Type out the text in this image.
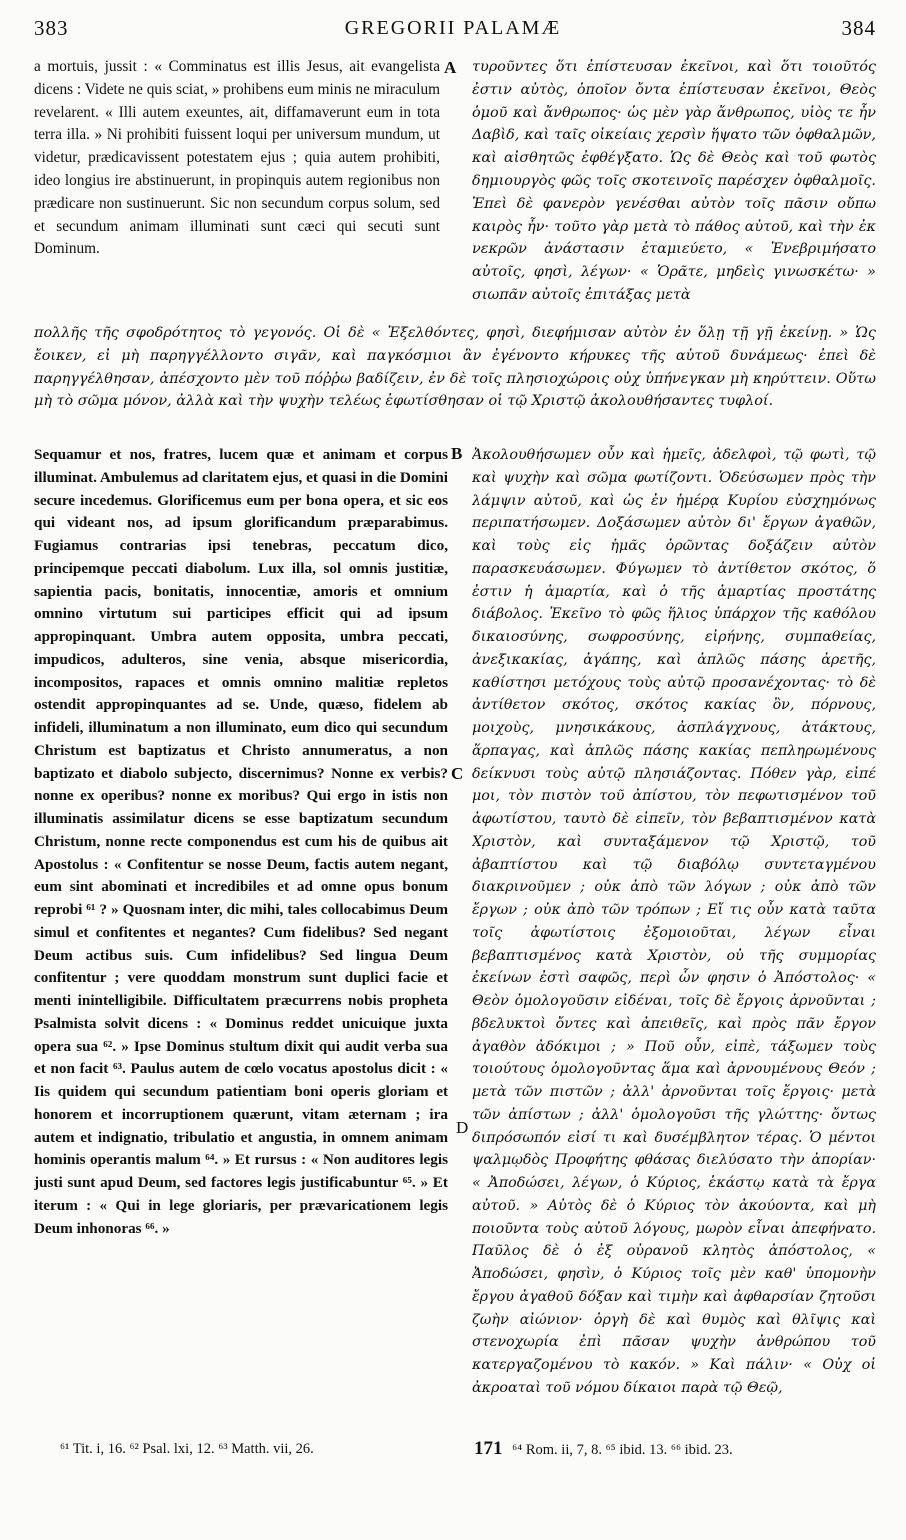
GREGORII PALAMÆ
383	384
A
B
C
D

a mortuis, jussit : « Comminatus est illis Jesus, ait evangelista dicens : Videte ne quis sciat, » prohibens eum minis ne miraculum revelarent. « Illi autem exeuntes, ait, diffamaverunt eum in tota terra illa. » Ni prohibiti fuissent loqui per universum mundum, ut videtur, prædicavissent potestatem ejus ; quia autem prohibiti, ideo longius ire abstinuerunt, in propinquis autem regionibus non prædicare non sustinuerunt. Sic non secundum corpus solum, sed et secundum animam illuminati sunt cæci qui secuti sunt Dominum.

τυροῦντες ὅτι ἐπίστευσαν ἐκεῖνοι, καὶ ὅτι τοιοῦτός ἐστιν αὐτὸς, ὁποῖον ὄντα ἐπίστευσαν ἐκεῖνοι, Θεὸς ὁμοῦ καὶ ἄνθρωπος· ὡς μὲν γὰρ ἄνθρωπος, υἱὸς τε ἦν Δαβὶδ, καὶ ταῖς οἰκείαις χερσὶν ἥψατο τῶν ὀφθαλμῶν, καὶ αἰσθητῶς ἐφθέγξατο. Ὡς δὲ Θεὸς καὶ τοῦ φωτὸς δημιουργὸς φῶς τοῖς σκοτεινοῖς παρέσχεν ὀφθαλμοῖς. Ἐπεὶ δὲ φανερὸν γενέσθαι αὐτὸν τοῖς πᾶσιν οὔπω καιρὸς ἦν· τοῦτο γὰρ μετὰ τὸ πάθος αὐτοῦ, καὶ τὴν ἐκ νεκρῶν ἀνάστασιν ἐταμιεύετο, « Ἐνεβριμήσατο αὐτοῖς, φησὶ, λέγων· « Ὁρᾶτε, μηδεὶς γινωσκέτω· » σιωπᾶν αὐτοῖς ἐπιτάξας μετὰ

πολλῆς τῆς σφοδρότητος τὸ γεγονός. Οἱ δὲ « Ἐξελθόντες, φησὶ, διεφήμισαν αὐτὸν ἐν ὅλῃ τῇ γῇ ἐκείνῃ. » Ὡς ἔοικεν, εἰ μὴ παρηγγέλλοντο σιγᾶν, καὶ παγκόσμιοι ἂν ἐγένοντο κήρυκες τῆς αὐτοῦ δυνάμεως· ἐπεὶ δὲ παρηγγέλθησαν, ἀπέσχοντο μὲν τοῦ πόῤῥω βαδίζειν, ἐν δὲ τοῖς πλησιοχώροις οὐχ ὑπήνεγκαν μὴ κηρύττειν. Οὕτω μὴ τὸ σῶμα μόνον, ἀλλὰ καὶ τὴν ψυχὴν τελέως ἐφωτίσθησαν οἱ τῷ Χριστῷ ἀκολουθήσαντες τυφλοί.

Sequamur et nos, fratres, lucem quæ et animam et corpus illuminat. Ambulemus ad claritatem ejus, et quasi in die Domini secure incedemus. Glorificemus eum per bona opera, et sic eos qui videant nos, ad ipsum glorificandum præparabimus. Fugiamus contrarias ipsi tenebras, peccatum dico, principemque peccati diabolum. Lux illa, sol omnis justitiæ, sapientia pacis, bonitatis, innocentiæ, amoris et omnium omnino virtutum sui participes efficit qui ad ipsum appropinquant. Umbra autem opposita, umbra peccati, impudicos, adulteros, sine venia, absque misericordia, incompositos, rapaces et omnis omnino malitiæ repletos ostendit appropinquantes ad se. Unde, quæso, fidelem ab infideli, illuminatum a non illuminato, eum dico qui secundum Christum est baptizatus et Christo annumeratus, a non baptizato et diabolo subjecto, discernimus? Nonne ex verbis? nonne ex operibus? nonne ex moribus? Qui ergo in istis non illuminatis assimilatur dicens se esse baptizatum secundum Christum, nonne recte componendus est cum his de quibus ait Apostolus : « Confitentur se nosse Deum, factis autem negant, eum sint abominati et incredibiles et ad omne opus bonum reprobi ⁶¹ ? » Quosnam inter, dic mihi, tales collocabimus Deum simul et confitentes et negantes? Cum fidelibus? Sed negant Deum actibus suis. Cum infidelibus? Sed lingua Deum confitentur ; vere quoddam monstrum sunt duplici facie et menti inintelligibile. Difficultatem præcurrens nobis propheta Psalmista solvit dicens : « Dominus reddet unicuique juxta opera sua ⁶². » Ipse Dominus stultum dixit qui audit verba sua et non facit ⁶³. Paulus autem de cœlo vocatus apostolus dicit : « Iis quidem qui secundum patientiam boni operis gloriam et honorem et incorruptionem quærunt, vitam æternam ; ira autem et indignatio, tribulatio et angustia, in omnem animam hominis operantis malum ⁶⁴. » Et rursus : « Non auditores legis justi sunt apud Deum, sed factores legis justificabuntur ⁶⁵. » Et iterum : « Qui in lege gloriaris, per prævaricationem legis Deum inhonoras ⁶⁶. »

Ἀκολουθήσωμεν οὖν καὶ ἡμεῖς, ἀδελφοὶ, τῷ φωτὶ, τῷ καὶ ψυχὴν καὶ σῶμα φωτίζοντι. Ὁδεύσωμεν πρὸς τὴν λάμψιν αὐτοῦ, καὶ ὡς ἐν ἡμέρᾳ Κυρίου εὐσχημόνως περιπατήσωμεν. Δοξάσωμεν αὐτὸν δι' ἔργων ἀγαθῶν, καὶ τοὺς εἰς ἡμᾶς ὁρῶντας δοξάζειν αὐτὸν παρασκευάσωμεν. Φύγωμεν τὸ ἀντίθετον σκότος, ὅ ἐστιν ἡ ἁμαρτία, καὶ ὁ τῆς ἁμαρτίας προστάτης διάβολος. Ἐκεῖνο τὸ φῶς ἥλιος ὑπάρχον τῆς καθόλου δικαιοσύνης, σωφροσύνης, εἰρήνης, συμπαθείας, ἀνεξικακίας, ἀγάπης, καὶ ἁπλῶς πάσης ἀρετῆς, καθίστησι μετόχους τοὺς αὐτῷ προσανέχοντας· τὸ δὲ ἀντίθετον σκότος, σκότος κακίας ὂν, πόρνους, μοιχοὺς, μνησικάκους, ἀσπλάγχνους, ἀτάκτους, ἅρπαγας, καὶ ἁπλῶς πάσης κακίας πεπληρωμένους δείκνυσι τοὺς αὐτῷ πλησιάζοντας. Πόθεν γὰρ, εἰπέ μοι, τὸν πιστὸν τοῦ ἀπίστου, τὸν πεφωτισμένον τοῦ ἀφωτίστου, ταυτὸ δὲ εἰπεῖν, τὸν βεβαπτισμένον κατὰ Χριστὸν, καὶ συνταξάμενον τῷ Χριστῷ, τοῦ ἀβαπτίστου καὶ τῷ διαβόλῳ συντεταγμένου διακρινοῦμεν ; οὐκ ἀπὸ τῶν λόγων ; οὐκ ἀπὸ τῶν ἔργων ; οὐκ ἀπὸ τῶν τρόπων ; Εἴ τις οὖν κατὰ ταῦτα τοῖς ἀφωτίστοις ἐξομοιοῦται, λέγων εἶναι βεβαπτισμένος κατὰ Χριστὸν, οὐ τῆς συμμορίας ἐκείνων ἐστὶ σαφῶς, περὶ ὧν φησιν ὁ Ἀπόστολος· « Θεὸν ὁμολογοῦσιν εἰδέναι, τοῖς δὲ ἔργοις ἀρνοῦνται ; βδελυκτοὶ ὄντες καὶ ἀπειθεῖς, καὶ πρὸς πᾶν ἔργον ἀγαθὸν ἀδόκιμοι ; » Ποῦ οὖν, εἰπὲ, τάξωμεν τοὺς τοιούτους ὁμολογοῦντας ἅμα καὶ ἀρνουμένους Θεόν ; μετὰ τῶν πιστῶν ; ἀλλ' ἀρνοῦνται τοῖς ἔργοις· μετὰ τῶν ἀπίστων ; ἀλλ' ὁμολογοῦσι τῆς γλώττης· ὄντως διπρόσωπόν εἰσί τι καὶ δυσέμβλητον τέρας. Ὁ μέντοι ψαλμῳδὸς Προφήτης φθάσας διελύσατο τὴν ἀπορίαν· « Ἀποδώσει, λέγων, ὁ Κύριος, ἑκάστῳ κατὰ τὰ ἔργα αὐτοῦ. » Αὐτὸς δὲ ὁ Κύριος τὸν ἀκούοντα, καὶ μὴ ποιοῦντα τοὺς αὐτοῦ λόγους, μωρὸν εἶναι ἀπεφήνατο. Παῦλος δὲ ὁ ἐξ οὐρανοῦ κλητὸς ἀπόστολος, « Ἀποδώσει, φησὶν, ὁ Κύριος τοῖς μὲν καθ' ὑπομονὴν ἔργου ἀγαθοῦ δόξαν καὶ τιμὴν καὶ ἀφθαρσίαν ζητοῦσι ζωὴν αἰώνιον· ὀργὴ δὲ καὶ θυμὸς καὶ θλῖψις καὶ στενοχωρία ἐπὶ πᾶσαν ψυχὴν ἀνθρώπου τοῦ κατεργαζομένου τὸ κακόν. » Καὶ πάλιν· « Οὐχ οἱ ἀκροαταὶ τοῦ νόμου δίκαιοι παρὰ τῷ Θεῷ,

⁶¹ Tit. i, 16. ⁶² Psal. lxi, 12. ⁶³ Matth. vii, 26.	171 ⁶⁴ Rom. ii, 7, 8. ⁶⁵ ibid. 13. ⁶⁶ ibid. 23.
